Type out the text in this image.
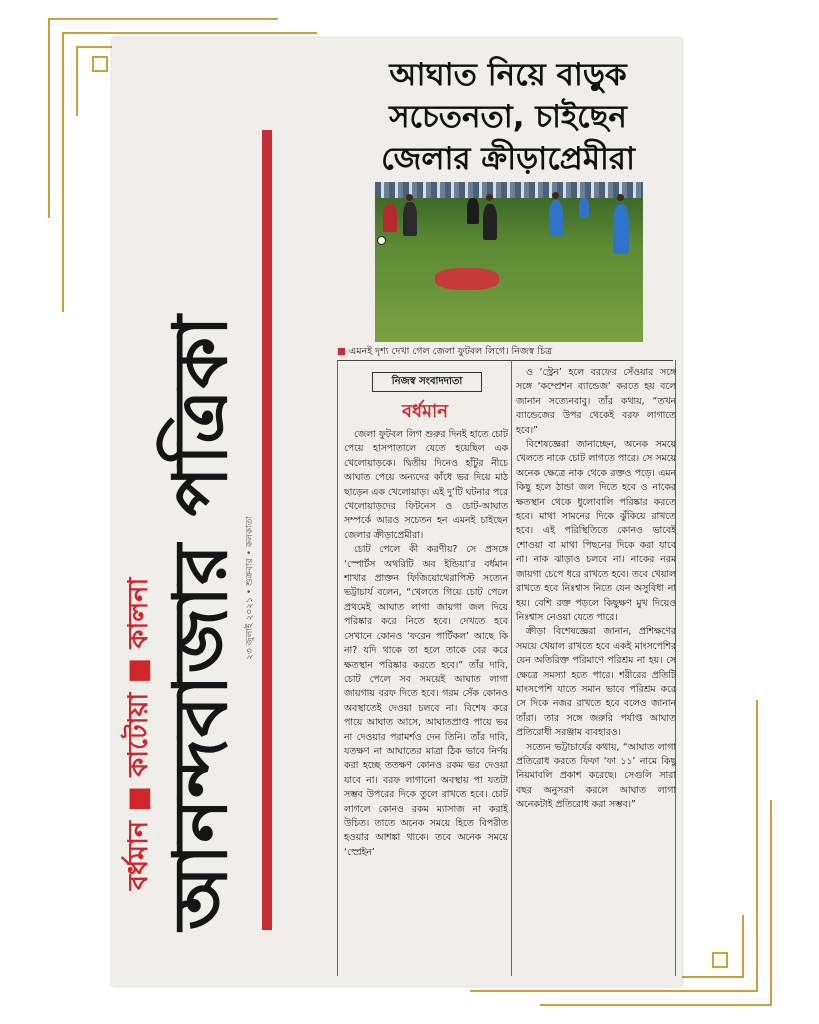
বর্ধমান ■ কাটোয়া ■ কালনা আনন্দবাজার পত্রিকা ২৩ জুলাই ২০২১ • শুক্রবার • কলকাতা
আঘাত নিয়ে বাড়ুক
সচেতনতা, চাইছেন
জেলার ক্রীড়াপ্রেমীরা
■ এমনই দৃশ্য দেখা গেল জেলা ফুটবল লিগে। নিজস্ব চিত্র
নিজস্ব সংবাদদাতা
বর্ধমান

জেলা ফুটবল লিগ শুরুর দিনই হাতে চোট পেয়ে হাসপাতালে যেতে হয়েছিল এক খেলোয়াড়কে। দ্বিতীয় দিনেও হাঁটুর নীচে আঘাত পেয়ে অন্যদের কাঁধে ভর দিয়ে মাঠ ছাড়েন এক খেলোয়াড়। এই দু’টি ঘটনার পরে খেলোয়াড়দের ফিটনেস ও চোট-আঘাত সম্পর্কে আরও সচেতন হন এমনই চাইছেন জেলার ক্রীড়াপ্রেমীরা।

চোট পেলে কী করণীয়? সে প্রসঙ্গে ‘স্পোর্টস অথরিটি অব ইন্ডিয়া’র বর্ধমান শাখার প্রাক্তন ফিজিয়োথেরাপিস্ট সত্যেন ভট্টাচার্য বলেন, “খেলতে গিয়ে চোট পেলে প্রথমেই আঘাত লাগা জায়গা জল দিয়ে পরিষ্কার করে নিতে হবে। দেখতে হবে সেখানে কোনও ‘ফরেন পার্টিকল’ আছে কি না? যদি থাকে তা হলে তাকে বের করে ক্ষতস্থান পরিষ্কার করতে হবে।” তাঁর দাবি, চোট পেলে সব সময়েই আঘাত লাগা জায়গায় বরফ দিতে হবে। গরম সেঁক কোনও অবস্থাতেই দেওয়া চলবে না। বিশেষ করে পায়ে আঘাত আসে, আঘাতপ্রাপ্ত পায়ে ভর না দেওয়ার পরামর্শও দেন তিনি। তাঁর দাবি, যতক্ষণ না আঘাতের মাত্রা ঠিক ভাবে নির্ণয় করা হচ্ছে ততক্ষণ কোনও রকম ভর দেওয়া যাবে না। বরফ লাগানো অবস্থায় পা যতটা সম্ভব উপরের দিকে তুলে রাখতে হবে। চোট লাগলে কোনও রকম ম্যাসাজ না করাই উচিত। তাতে অনেক সময়ে হিতে বিপরীত হওয়ার আশঙ্কা থাকে। তবে অনেক সময়ে ‘স্প্রেইন’

ও ‘স্ট্রেন’ হলে বরফের সেঁওয়ার সঙ্গে সঙ্গে ‘কম্প্রেশন ব্যান্ডেজ’ করতে হয় বলে জানান সত্যেনবাবু। তাঁর কথায়, “তখন ব্যান্ডেজের উপর থেকেই বরফ লাগাতে হবে।”

বিশেষজ্ঞেরা জানাচ্ছেন, অনেক সময়ে খেলতে নাকে চোট লাগতে পারে। সে সময়ে অনেক ক্ষেত্রে নাক থেকে রক্তও পড়ে। এমন কিছু হলে ঠান্ডা জল দিতে হবে ও নাকের ক্ষতস্থান থেকে ধুলোবালি পরিষ্কার করতে হবে। মাথা সামনের দিকে ঝুঁকিয়ে রাখতে হবে। এই পরিস্থিতিতে কোনও ভাবেই শোওয়া বা মাথা পিছনের দিকে করা যাবে না। নাক ঝাড়াও চলবে না। নাকের নরম জায়গা চেপে ধরে রাখতে হবে। তবে খেয়াল রাখতে হবে নিঃশ্বাস নিতে যেন অসুবিধা না হয়। বেশি রক্ত পড়লে কিছুক্ষণ মুখ দিয়েও নিঃশ্বাস নেওয়া যেতে পারে।

ক্রীড়া বিশেষজ্ঞেরা জানান, প্রশিক্ষণের সময়ে খেয়াল রাখতে হবে একই মাংসপেশির যেন অতিরিক্ত পরিমাণে পরিশ্রম না হয়। সে ক্ষেত্রে সমস্যা হতে পারে। শরীরের প্রতিটি মাংসপেশি যাতে সমান ভাবে পরিশ্রম করে সে দিকে নজর রাখতে হবে বলেও জানান তাঁরা। তার সঙ্গে জরুরি পর্যাপ্ত আঘাত প্রতিরোধী সরঞ্জাম ব্যবহারও।

সত্যেন ভট্টাচার্যের কথায়, “আঘাত লাগা প্রতিরোধ করতে ফিফা ‘ফা ১১’ নামে কিছু নিয়মাবলি প্রকাশ করেছে। সেগুলি সারা বছর অনুসরণ করলে আঘাত লাগা অনেকটাই প্রতিরোধ করা সম্ভব।”
